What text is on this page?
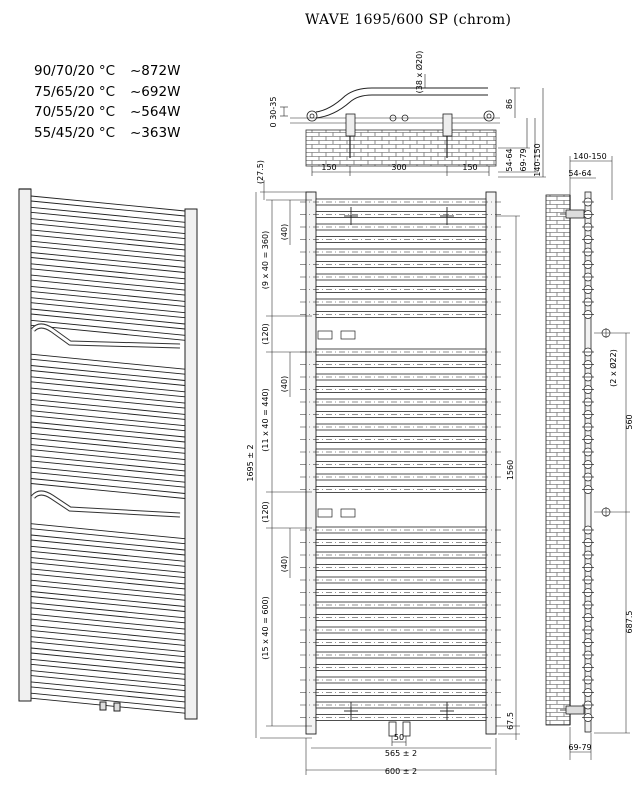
WAVE 1695/600 SP (chrom)
90/70/20 °C ~872W
75/65/20 °C ~692W
70/55/20 °C ~564W
55/45/20 °C ~363W
0 30-35
(38 x Ø20)
86
54-64 69-79 140-150
150	300	150
(27.5)
(9 x 40 = 360) (40)
(120)
(40)
(11 x 40 = 440)
(120)
(40)
(15 x 40 = 600)
1695 ± 2	1560
67.5
50
565 ± 2
600 ± 2
140-150
54-64
(2 x Ø22)
560
687.5
69-79
